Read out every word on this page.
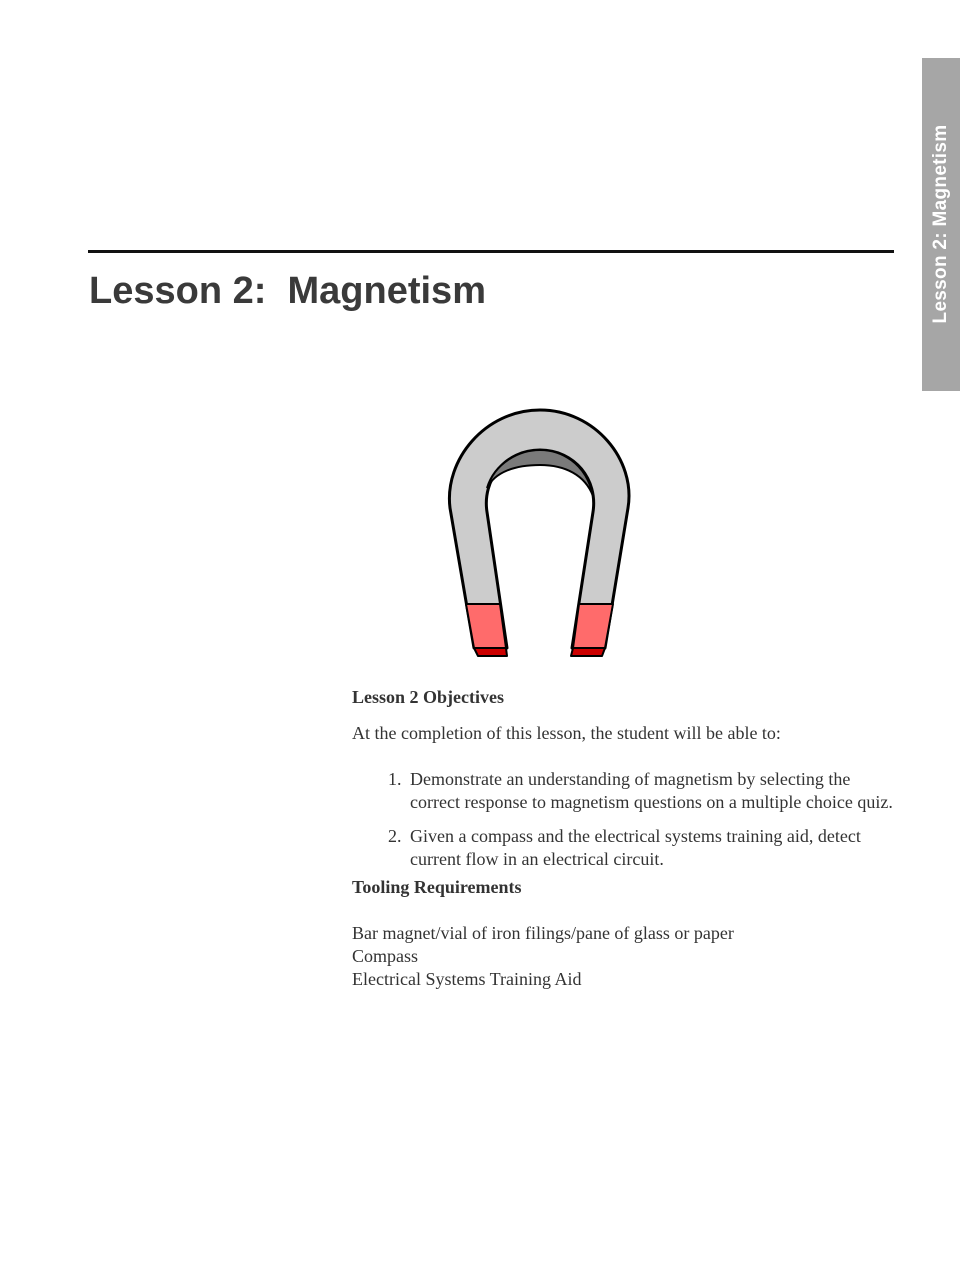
Lesson 2: Magnetism
Lesson 2:  Magnetism

Lesson 2 Objectives

At the completion of this lesson, the student will be able to:

1. Demonstrate an understanding of magnetism by selecting the correct response to magnetism questions on a multiple choice quiz.
2. Given a compass and the electrical systems training aid, detect current flow in an electrical circuit.

Tooling Requirements

Bar magnet/vial of iron filings/pane of glass or paper
Compass
Electrical Systems Training Aid
